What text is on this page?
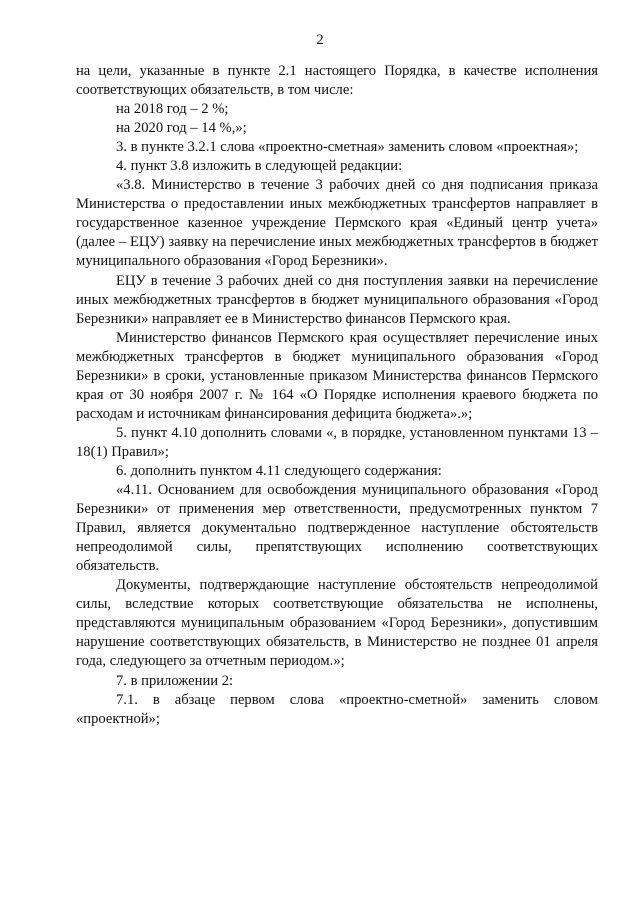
2

на цели, указанные в пункте 2.1 настоящего Порядка, в качестве исполнения соответствующих обязательств, в том числе:

на 2018 год – 2 %;

на 2020 год – 14 %,»;

3. в пункте 3.2.1 слова «проектно-сметная» заменить словом «проектная»;

4. пункт 3.8 изложить в следующей редакции:

«3.8. Министерство в течение 3 рабочих дней со дня подписания приказа Министерства о предоставлении иных межбюджетных трансфертов направляет в государственное казенное учреждение Пермского края «Единый центр учета» (далее – ЕЦУ) заявку на перечисление иных межбюджетных трансфертов в бюджет муниципального образования «Город Березники».

ЕЦУ в течение 3 рабочих дней со дня поступления заявки на перечисление иных межбюджетных трансфертов в бюджет муниципального образования «Город Березники» направляет ее в Министерство финансов Пермского края.

Министерство финансов Пермского края осуществляет перечисление иных межбюджетных трансфертов в бюджет муниципального образования «Город Березники» в сроки, установленные приказом Министерства финансов Пермского края от 30 ноября 2007 г. № 164 «О Порядке исполнения краевого бюджета по расходам и источникам финансирования дефицита бюджета».»;

5. пункт 4.10 дополнить словами «, в порядке, установленном пунктами 13 – 18(1) Правил»;

6. дополнить пунктом 4.11 следующего содержания:

«4.11. Основанием для освобождения муниципального образования «Город Березники» от применения мер ответственности, предусмотренных пунктом 7 Правил, является документально подтвержденное наступление обстоятельств непреодолимой силы, препятствующих исполнению соответствующих обязательств.

Документы, подтверждающие наступление обстоятельств непреодолимой силы, вследствие которых соответствующие обязательства не исполнены, представляются муниципальным образованием «Город Березники», допустившим нарушение соответствующих обязательств, в Министерство не позднее 01 апреля года, следующего за отчетным периодом.»;

7. в приложении 2:

7.1. в абзаце первом слова «проектно-сметной» заменить словом «проектной»;
